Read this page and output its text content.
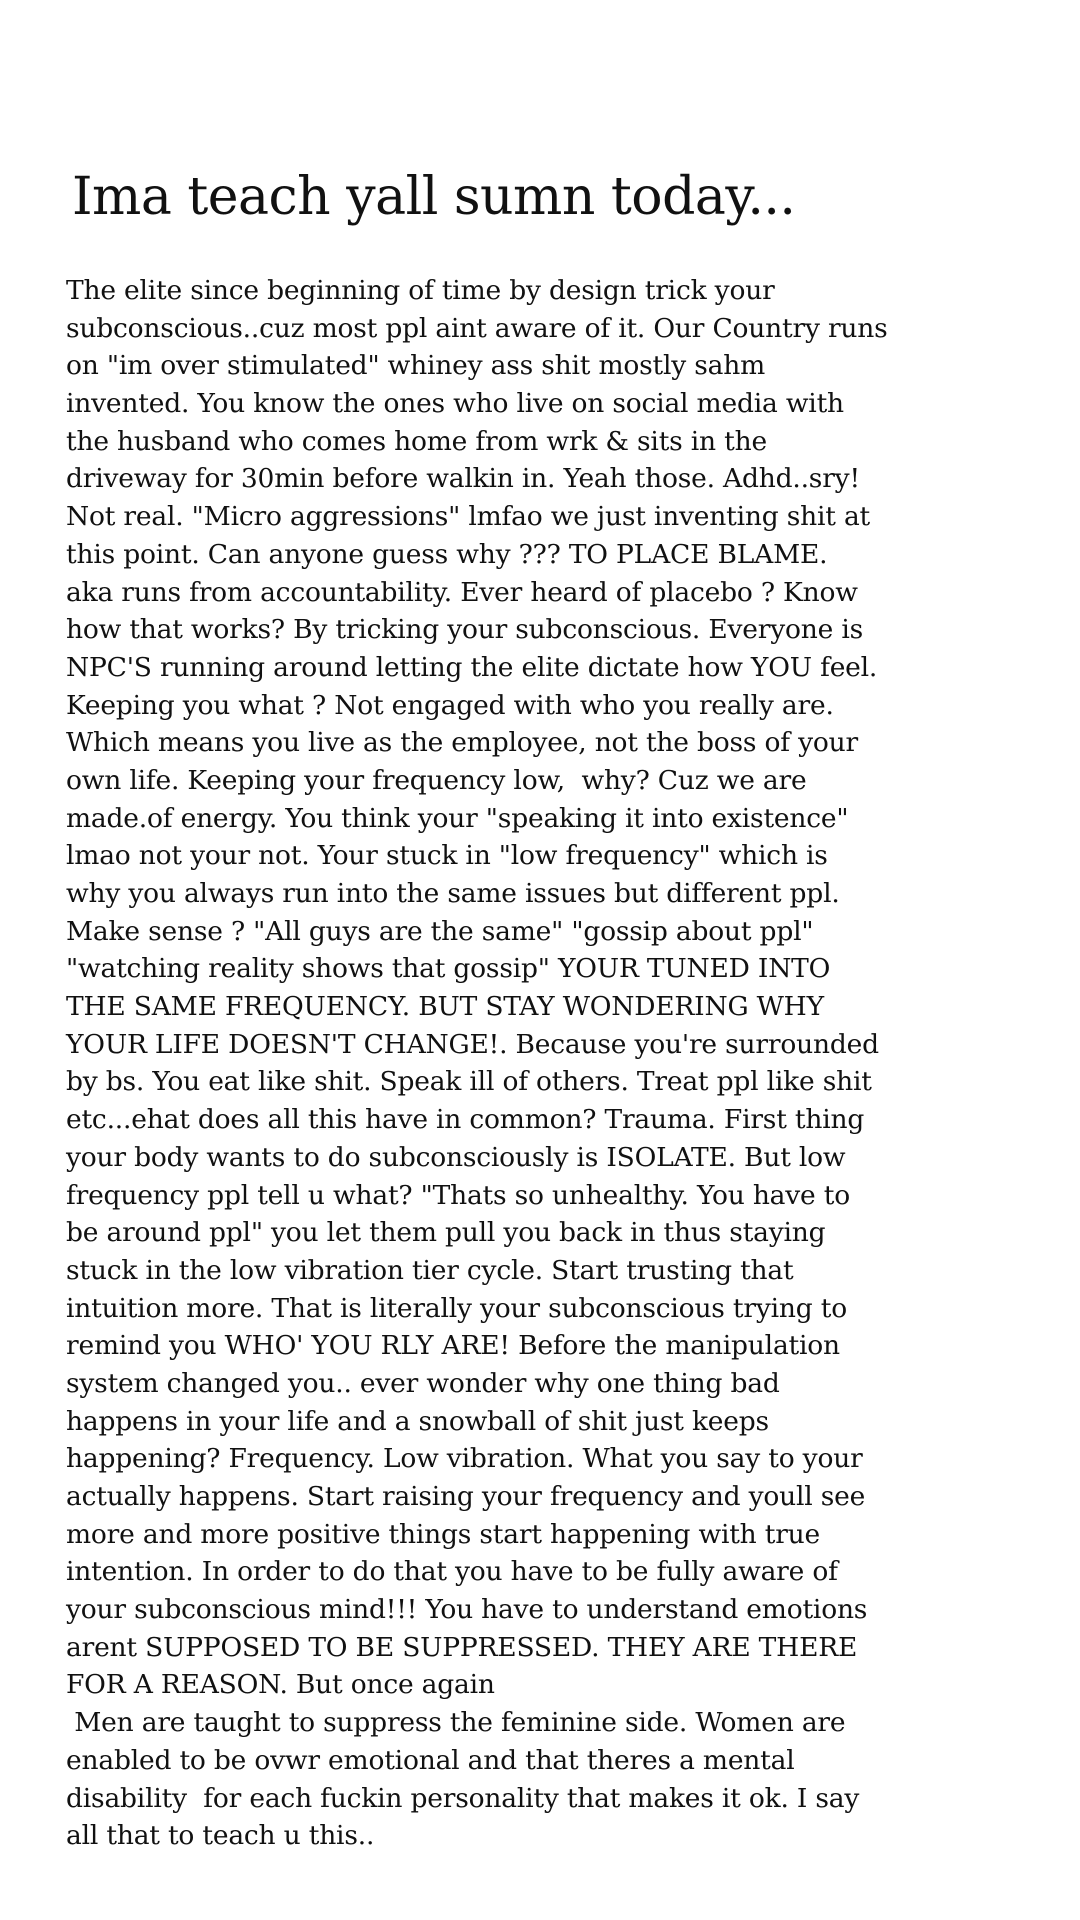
Ima teach yall sumn today...
The elite since beginning of time by design trick your
subconscious..cuz most ppl aint aware of it. Our Country runs
on "im over stimulated" whiney ass shit mostly sahm
invented. You know the ones who live on social media with
the husband who comes home from wrk & sits in the
driveway for 30min before walkin in. Yeah those. Adhd..sry!
Not real. "Micro aggressions" lmfao we just inventing shit at
this point. Can anyone guess why ??? TO PLACE BLAME.
aka runs from accountability. Ever heard of placebo ? Know
how that works? By tricking your subconscious. Everyone is
NPC'S running around letting the elite dictate how YOU feel.
Keeping you what ? Not engaged with who you really are.
Which means you live as the employee, not the boss of your
own life. Keeping your frequency low,  why? Cuz we are
made.of energy. You think your "speaking it into existence"
lmao not your not. Your stuck in "low frequency" which is
why you always run into the same issues but different ppl.
Make sense ? "All guys are the same" "gossip about ppl"
"watching reality shows that gossip" YOUR TUNED INTO
THE SAME FREQUENCY. BUT STAY WONDERING WHY
YOUR LIFE DOESN'T CHANGE!. Because you're surrounded
by bs. You eat like shit. Speak ill of others. Treat ppl like shit
etc...ehat does all this have in common? Trauma. First thing
your body wants to do subconsciously is ISOLATE. But low
frequency ppl tell u what? "Thats so unhealthy. You have to
be around ppl" you let them pull you back in thus staying
stuck in the low vibration tier cycle. Start trusting that
intuition more. That is literally your subconscious trying to
remind you WHO' YOU RLY ARE! Before the manipulation
system changed you.. ever wonder why one thing bad
happens in your life and a snowball of shit just keeps
happening? Frequency. Low vibration. What you say to your
actually happens. Start raising your frequency and youll see
more and more positive things start happening with true
intention. In order to do that you have to be fully aware of
your subconscious mind!!! You have to understand emotions
arent SUPPOSED TO BE SUPPRESSED. THEY ARE THERE
FOR A REASON. But once again
Men are taught to suppress the feminine side. Women are
enabled to be ovwr emotional and that theres a mental
disability  for each fuckin personality that makes it ok. I say
all that to teach u this..
